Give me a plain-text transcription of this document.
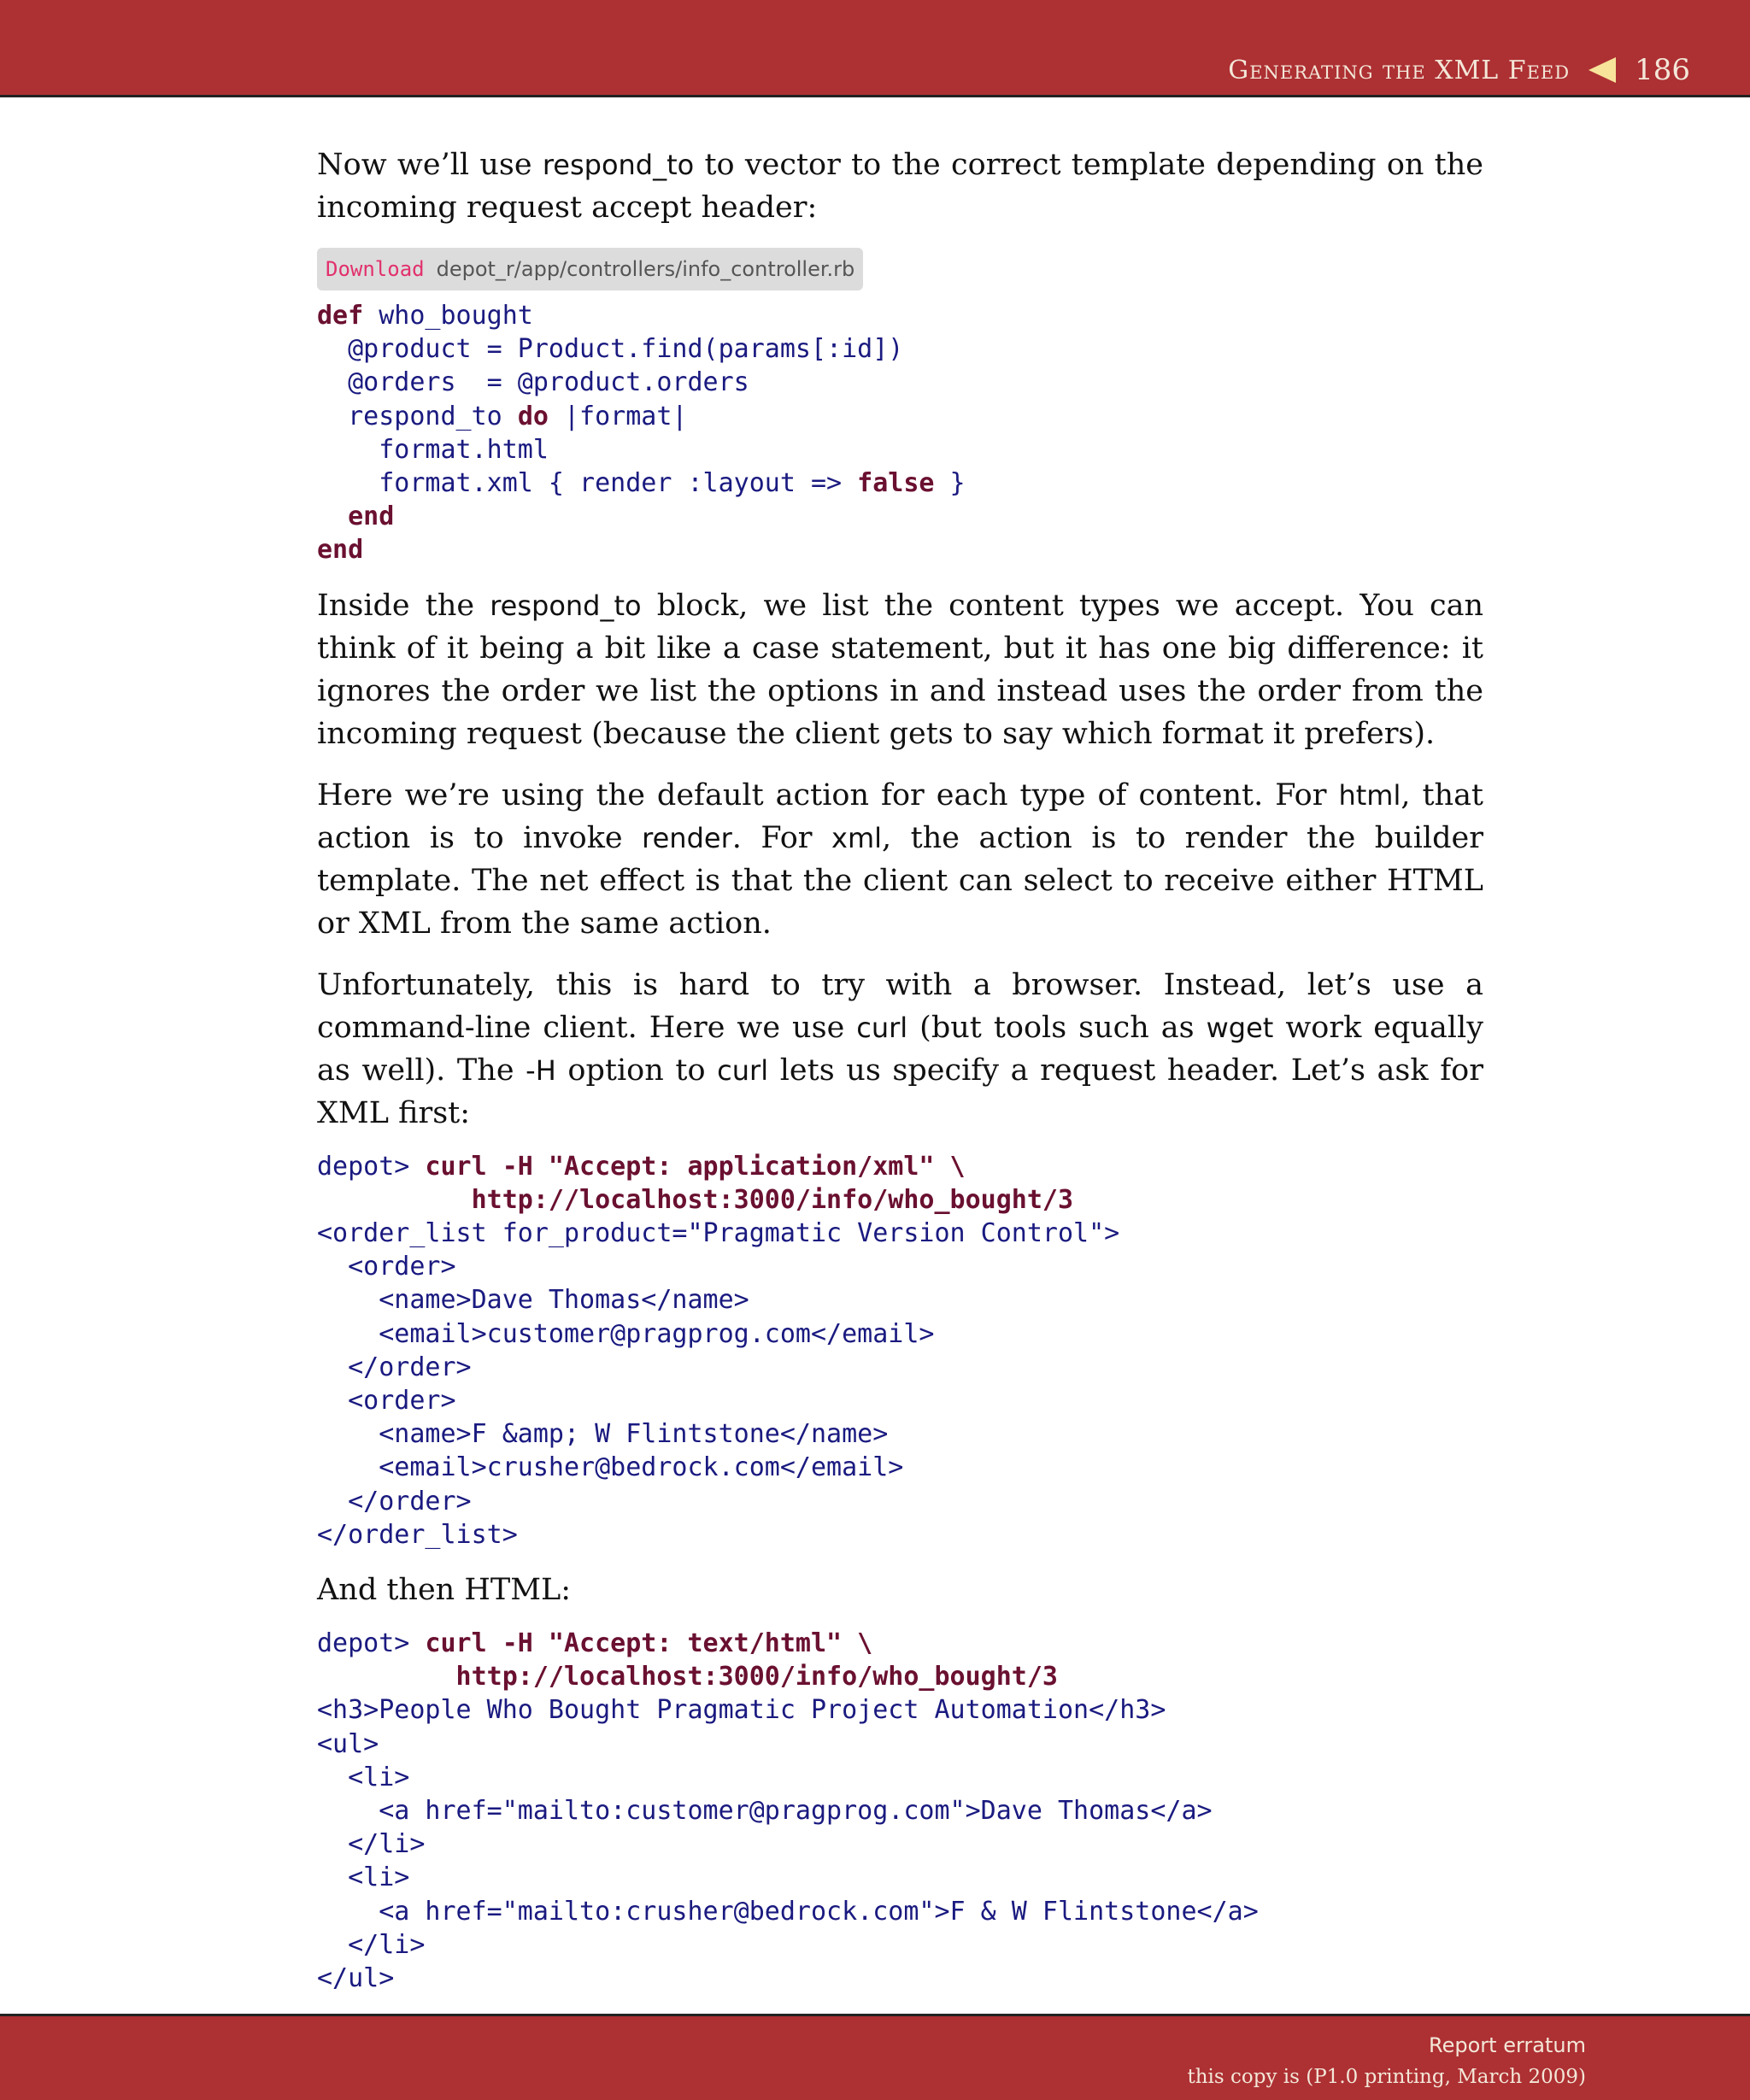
Generating the XML Feed 186

Now we’ll use respond_to to vector to the correct template depending on the incoming request accept header:

Download depot_r/app/controllers/info_controller.rb
def who_bought
@product = Product.find(params[:id])
@orders  = @product.orders
respond_to do |format|
format.html
format.xml { render :layout => false }
end
end

Inside the respond_to block, we list the content types we accept. You can think of it being a bit like a case statement, but it has one big difference: it ignores the order we list the options in and instead uses the order from the incoming request (because the client gets to say which format it prefers).

Here we’re using the default action for each type of content. For html, that action is to invoke render. For xml, the action is to render the builder template. The net effect is that the client can select to receive either HTML or XML from the same action.

Unfortunately, this is hard to try with a browser. Instead, let’s use a command-line client. Here we use curl (but tools such as wget work equally as well). The -H option to curl lets us specify a request header. Let’s ask for XML first:

depot> curl -H "Accept: application/xml" \
http://localhost:3000/info/who_bought/3
<order_list for_product="Pragmatic Version Control">
<order>
<name>Dave Thomas</name>
<email>customer@pragprog.com</email>
</order>
<order>
<name>F &amp; W Flintstone</name>
<email>crusher@bedrock.com</email>
</order>
</order_list>

And then HTML:

depot> curl -H "Accept: text/html" \
http://localhost:3000/info/who_bought/3
<h3>People Who Bought Pragmatic Project Automation</h3>
<ul>
<li>
<a href="mailto:customer@pragprog.com">Dave Thomas</a>
</li>
<li>
<a href="mailto:crusher@bedrock.com">F & W Flintstone</a>
</li>
</ul>
Report erratum
this copy is (P1.0 printing, March 2009)
